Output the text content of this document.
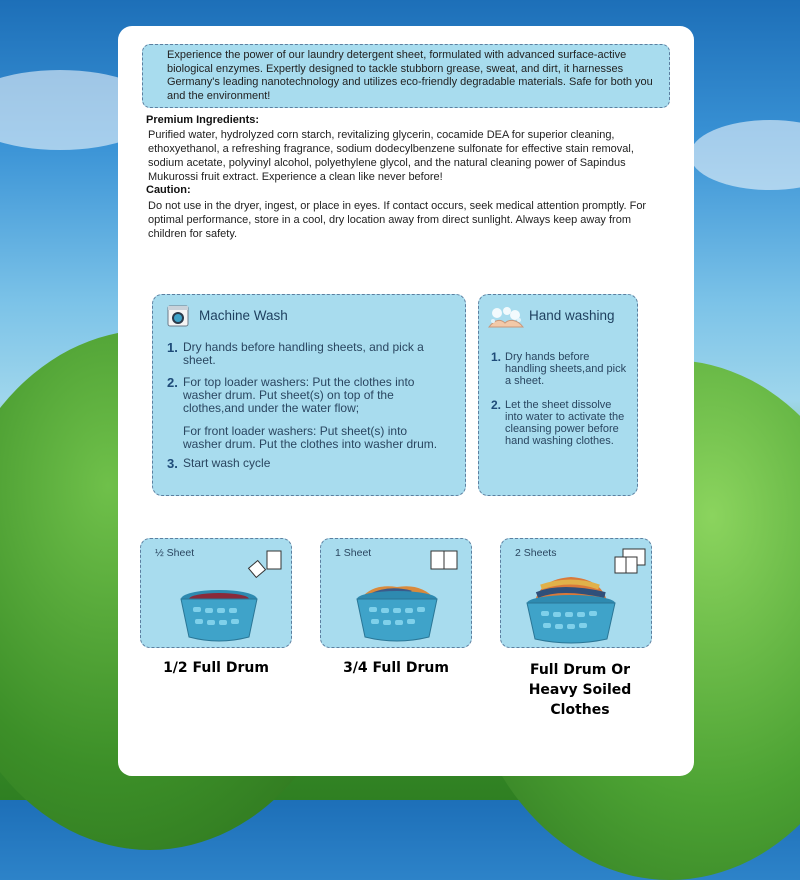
Experience the power of our laundry detergent sheet, formulated with advanced surface-active biological enzymes. Expertly designed to tackle stubborn grease, sweat, and dirt, it harnesses Germany's leading nanotechnology and utilizes eco-friendly degradable materials. Safe for both you and the environment!
Premium Ingredients:
Purified water, hydrolyzed corn starch, revitalizing glycerin, cocamide DEA for superior cleaning, ethoxyethanol, a refreshing fragrance, sodium dodecylbenzene sulfonate for effective stain removal, sodium acetate, polyvinyl alcohol, polyethylene glycol, and the natural cleaning power of Sapindus Mukurossi fruit extract. Experience a clean like never before!
Caution:
Do not use in the dryer, ingest, or place in eyes. If contact occurs, seek medical attention promptly. For optimal performance, store in a cool, dry location away from direct sunlight. Always keep away from children for safety.
Machine Wash
1. Dry hands before handling sheets, and pick a sheet.
2. For top loader washers: Put the clothes into washer drum. Put sheet(s) on top of the clothes,and under the water flow;
For front loader washers: Put sheet(s) into washer drum. Put the clothes into washer drum.
3. Start wash cycle
Hand washing
1. Dry hands before handling sheets,and pick a sheet.
2. Let the sheet dissolve into water to activate the cleansing power before hand washing clothes.
½ Sheet	1 Sheet	2 Sheets
1/2 Full Drum	3/4 Full Drum	Full Drum Or Heavy Soiled Clothes
